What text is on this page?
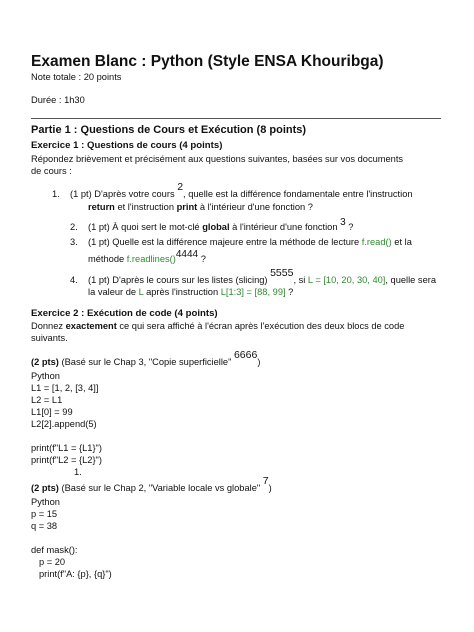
Examen Blanc : Python (Style ENSA Khouribga)
Note totale : 20 points
Durée : 1h30
Partie 1 : Questions de Cours et Exécution (8 points)
Exercice 1 : Questions de cours (4 points)
Répondez brièvement et précisément aux questions suivantes, basées sur vos documents
de cours :
1. (1 pt) D'après votre cours 2, quelle est la différence fondamentale entre l'instruction
return et l'instruction print à l'intérieur d'une fonction ?
2. (1 pt) À quoi sert le mot-clé global à l'intérieur d'une fonction 3 ?
3. (1 pt) Quelle est la différence majeure entre la méthode de lecture f.read() et la
méthode f.readlines()4444 ?
4. (1 pt) D'après le cours sur les listes (slicing) 5555, si L = [10, 20, 30, 40], quelle sera
la valeur de L après l'instruction L[1:3] = [88, 99] ?
Exercice 2 : Exécution de code (4 points)
Donnez exactement ce qui sera affiché à l'écran après l'exécution des deux blocs de code
suivants.
(2 pts) (Basé sur le Chap 3, "Copie superficielle" 6666)
Python
L1 = [1, 2, [3, 4]]
L2 = L1
L1[0] = 99
L2[2].append(5)
print(f"L1 = {L1}")
print(f"L2 = {L2}")
1.
(2 pts) (Basé sur le Chap 2, "Variable locale vs globale" 7)
Python
p = 15
q = 38
def mask():
p = 20
print(f"A: {p}, {q}")
